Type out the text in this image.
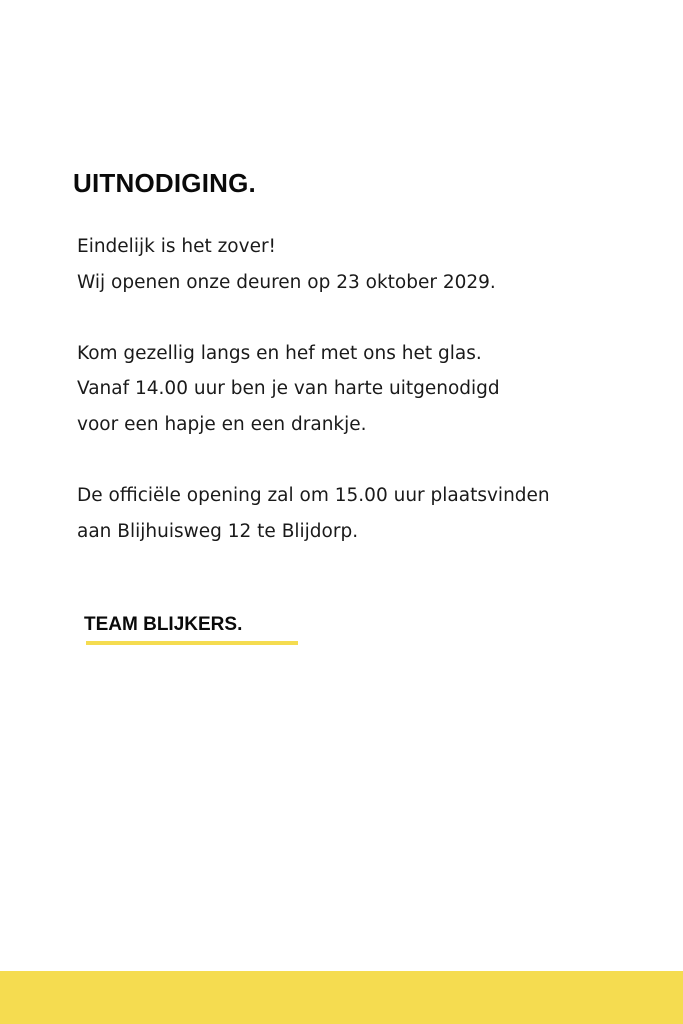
UITNODIGING.
Eindelijk is het zover!
Wij openen onze deuren op 23 oktober 2029.
Kom gezellig langs en hef met ons het glas.
Vanaf 14.00 uur ben je van harte uitgenodigd
voor een hapje en een drankje.
De officiële opening zal om 15.00 uur plaatsvinden
aan Blijhuisweg 12 te Blijdorp.
TEAM BLIJKERS.
